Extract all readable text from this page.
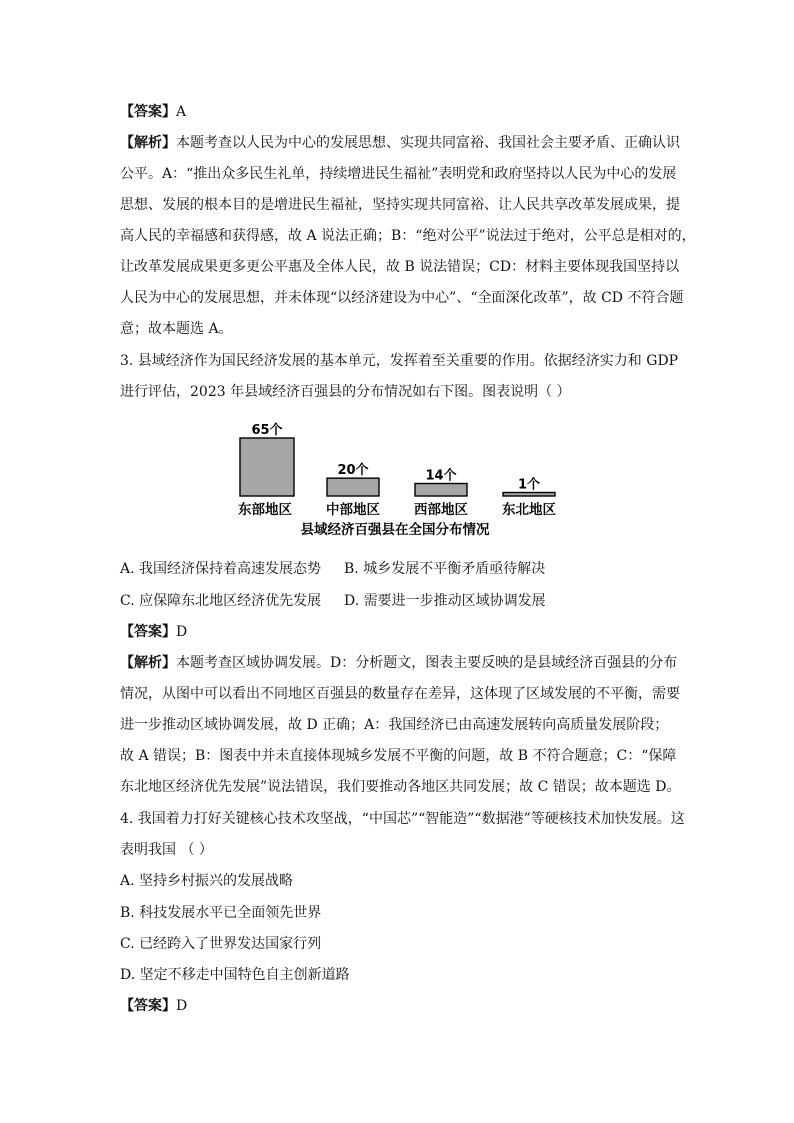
【答案】A
【解析】本题考查以人民为中心的发展思想、实现共同富裕、我国社会主要矛盾、正确认识
公平。A：“推出众多民生礼单，持续增进民生福祉”表明党和政府坚持以人民为中心的发展
思想、发展的根本目的是增进民生福祉，坚持实现共同富裕、让人民共享改革发展成果，提
高人民的幸福感和获得感，故 A 说法正确；B：“绝对公平”说法过于绝对，公平总是相对的，
让改革发展成果更多更公平惠及全体人民，故 B 说法错误；CD：材料主要体现我国坚持以
人民为中心的发展思想，并未体现“以经济建设为中心”、“全面深化改革”，故 CD 不符合题
意；故本题选 A。
3. 县域经济作为国民经济发展的基本单元，发挥着至关重要的作用。依据经济实力和 GDP
进行评估，2023 年县域经济百强县的分布情况如右下图。图表说明（ ）
65个
东部地区
20个
中部地区
14个
西部地区
1个
东北地区
县域经济百强县在全国分布情况
A. 我国经济保持着高速发展态势 B. 城乡发展不平衡矛盾亟待解决
C. 应保障东北地区经济优先发展 D. 需要进一步推动区域协调发展
【答案】D
【解析】本题考查区域协调发展。D：分析题文，图表主要反映的是县域经济百强县的分布
情况，从图中可以看出不同地区百强县的数量存在差异，这体现了区域发展的不平衡，需要
进一步推动区域协调发展，故 D 正确；A：我国经济已由高速发展转向高质量发展阶段；
故 A 错误；B：图表中并未直接体现城乡发展不平衡的问题，故 B 不符合题意；C：“保障
东北地区经济优先发展”说法错误，我们要推动各地区共同发展；故 C 错误；故本题选 D。
4. 我国着力打好关键核心技术攻坚战，“中国芯”“智能造”“数据港”等硬核技术加快发展。这
表明我国 （ ）
A. 坚持乡村振兴的发展战略
B. 科技发展水平已全面领先世界
C. 已经跨入了世界发达国家行列
D. 坚定不移走中国特色自主创新道路
【答案】D
